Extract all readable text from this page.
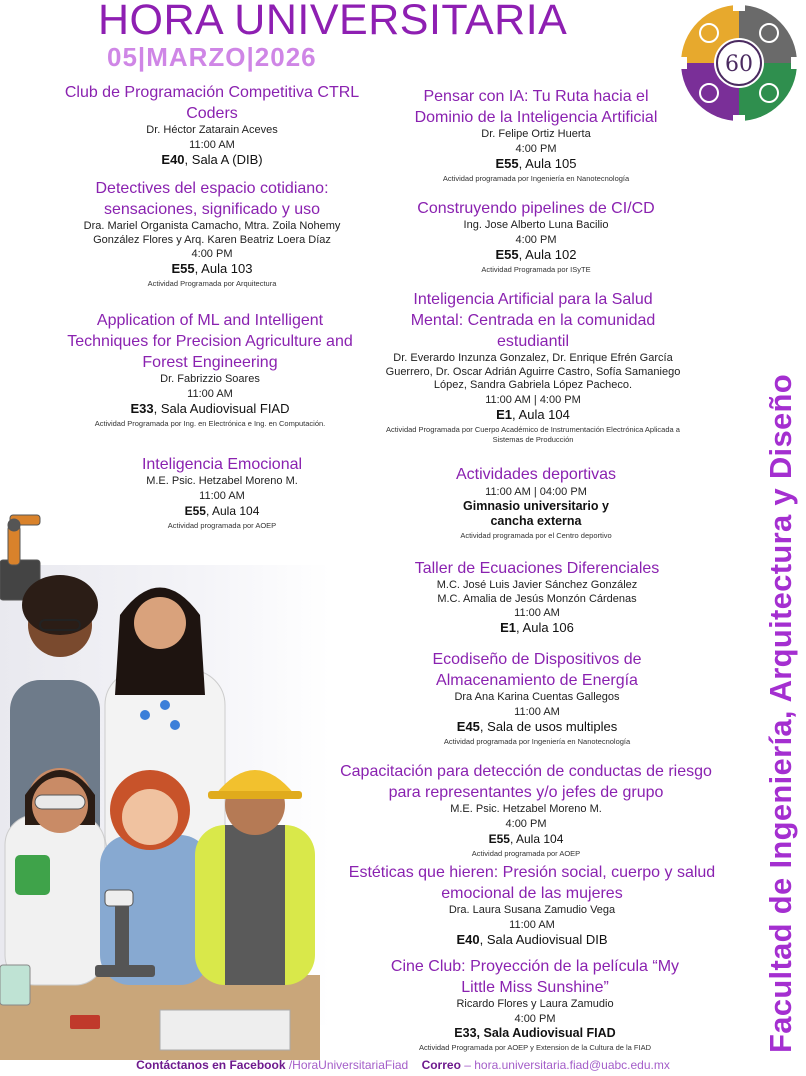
HORA UNIVERSITARIA
05|MARZO|2026	60
Facultad de Ingeniería, Arquitectura y Diseño
Club de Programación Competitiva CTRL Coders
Dr. Héctor Zatarain Aceves
11:00 AM
E40, Sala A (DIB)
Detectives del espacio cotidiano: sensaciones, significado y uso
Dra. Mariel Organista Camacho, Mtra. Zoila Nohemy González Flores y Arq. Karen Beatriz Loera Díaz
4:00 PM
E55, Aula 103
Actividad Programada por Arquitectura
Application of ML and Intelligent Techniques for Precision Agriculture and Forest Engineering
Dr. Fabrizzio Soares
11:00 AM
E33, Sala Audiovisual FIAD
Actividad Programada por Ing. en Electrónica e Ing. en Computación.
Inteligencia Emocional
M.E. Psic. Hetzabel Moreno M.
11:00 AM
E55, Aula 104
Actividad programada por AOEP
Pensar con IA: Tu Ruta hacia el Dominio de la Inteligencia Artificial
Dr. Felipe Ortiz Huerta
4:00 PM
E55, Aula 105
Actividad programada por Ingeniería en Nanotecnología
Construyendo pipelines de CI/CD
Ing. Jose Alberto Luna Bacilio
4:00 PM
E55, Aula 102
Actividad Programada por ISyTE
Inteligencia Artificial para la Salud Mental: Centrada en la comunidad estudiantil
Dr. Everardo Inzunza Gonzalez, Dr. Enrique Efrén García Guerrero, Dr. Oscar Adrián Aguirre Castro, Sofía Samaniego López, Sandra Gabriela López Pacheco.
11:00 AM | 4:00 PM
E1, Aula 104
Actividad Programada por Cuerpo Académico de Instrumentación Electrónica Aplicada a Sistemas de Producción
Actividades deportivas
11:00 AM | 04:00 PM
Gimnasio universitario y cancha externa
Actividad programada por el Centro deportivo
Taller de Ecuaciones Diferenciales
M.C. José Luis Javier Sánchez González
M.C. Amalia de Jesús Monzón Cárdenas
11:00 AM
E1, Aula 106
Ecodiseño de Dispositivos de Almacenamiento de Energía
Dra Ana Karina Cuentas Gallegos
11:00 AM
E45, Sala de usos multiples
Actividad programada por Ingeniería en Nanotecnología
Capacitación para detección de conductas de riesgo para representantes y/o jefes de grupo
M.E. Psic. Hetzabel Moreno M.
4:00 PM
E55, Aula 104
Actividad programada por AOEP
Estéticas que hieren: Presión social, cuerpo y salud emocional de las mujeres
Dra. Laura Susana Zamudio Vega
11:00 AM
E40, Sala Audiovisual DIB
Cine Club: Proyección de la película “My Little Miss Sunshine”
Ricardo Flores y Laura Zamudio
4:00 PM
E33, Sala Audiovisual FIAD
Actividad Programada por AOEP y Extension de la Cultura de la FIAD
Contáctanos en Facebook /HoraUniversitariaFiad Correo – hora.universitaria.fiad@uabc.edu.mx
